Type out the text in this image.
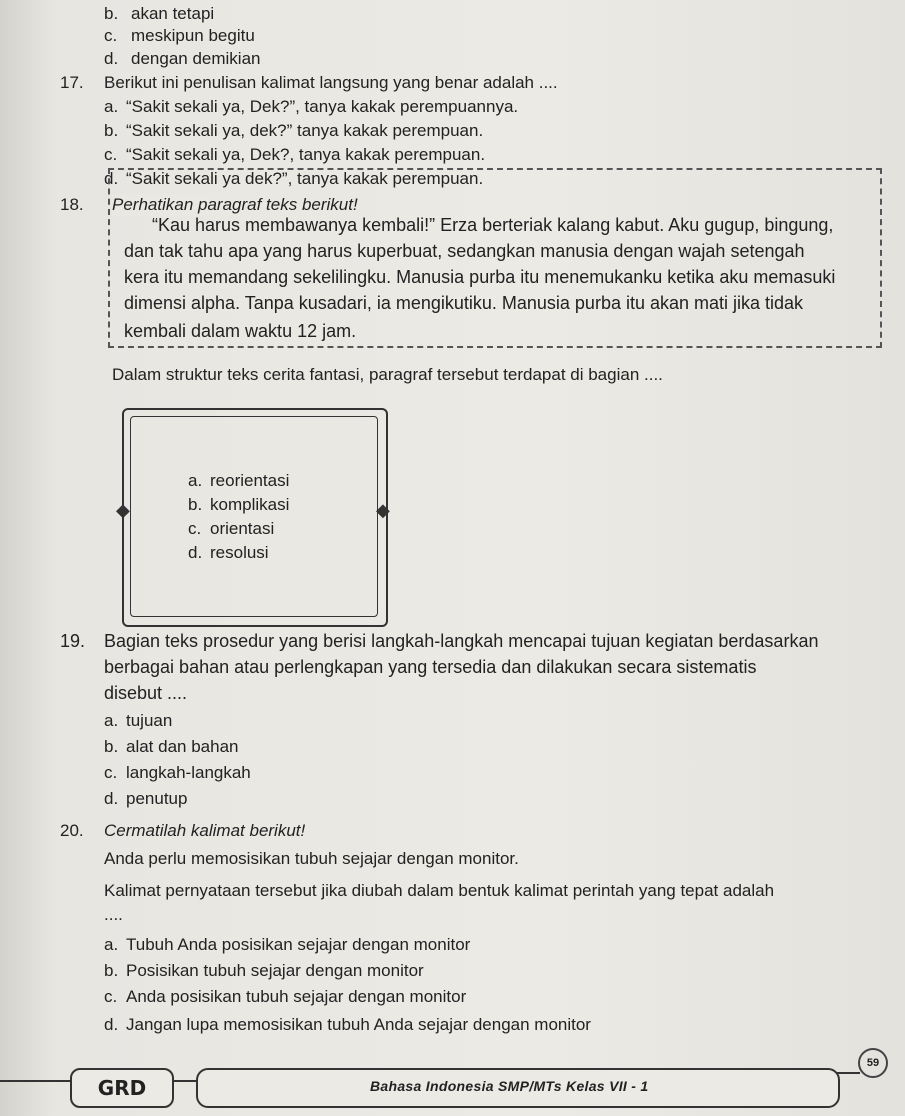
b. akan tetapi
c. meskipun begitu
d. dengan demikian
17. Berikut ini penulisan kalimat langsung yang benar adalah ....
a. “Sakit sekali ya, Dek?”, tanya kakak perempuannya.
b. “Sakit sekali ya, dek?” tanya kakak perempuan.
c. “Sakit sekali ya, Dek?, tanya kakak perempuan.
d. “Sakit sekali ya dek?”, tanya kakak perempuan.
18. Perhatikan paragraf teks berikut!
“Kau harus membawanya kembali!” Erza berteriak kalang kabut. Aku gugup, bingung,
dan tak tahu apa yang harus kuperbuat, sedangkan manusia dengan wajah setengah
kera itu memandang sekelilingku. Manusia purba itu menemukanku ketika aku memasuki
dimensi alpha. Tanpa kusadari, ia mengikutiku. Manusia purba itu akan mati jika tidak
kembali dalam waktu 12 jam.
Dalam struktur teks cerita fantasi, paragraf tersebut terdapat di bagian ....
◆	◆
a. reorientasi
b. komplikasi
c. orientasi
d. resolusi
19. Bagian teks prosedur yang berisi langkah-langkah mencapai tujuan kegiatan berdasarkan
berbagai bahan atau perlengkapan yang tersedia dan dilakukan secara sistematis
disebut ....
a. tujuan
b. alat dan bahan
c. langkah-langkah
d. penutup
20. Cermatilah kalimat berikut!
Anda perlu memosisikan tubuh sejajar dengan monitor.
Kalimat pernyataan tersebut jika diubah dalam bentuk kalimat perintah yang tepat adalah
....
a. Tubuh Anda posisikan sejajar dengan monitor
b. Posisikan tubuh sejajar dengan monitor
c. Anda posisikan tubuh sejajar dengan monitor
d. Jangan lupa memosisikan tubuh Anda sejajar dengan monitor
GRD	Bahasa Indonesia SMP/MTs Kelas VII - 1
59
